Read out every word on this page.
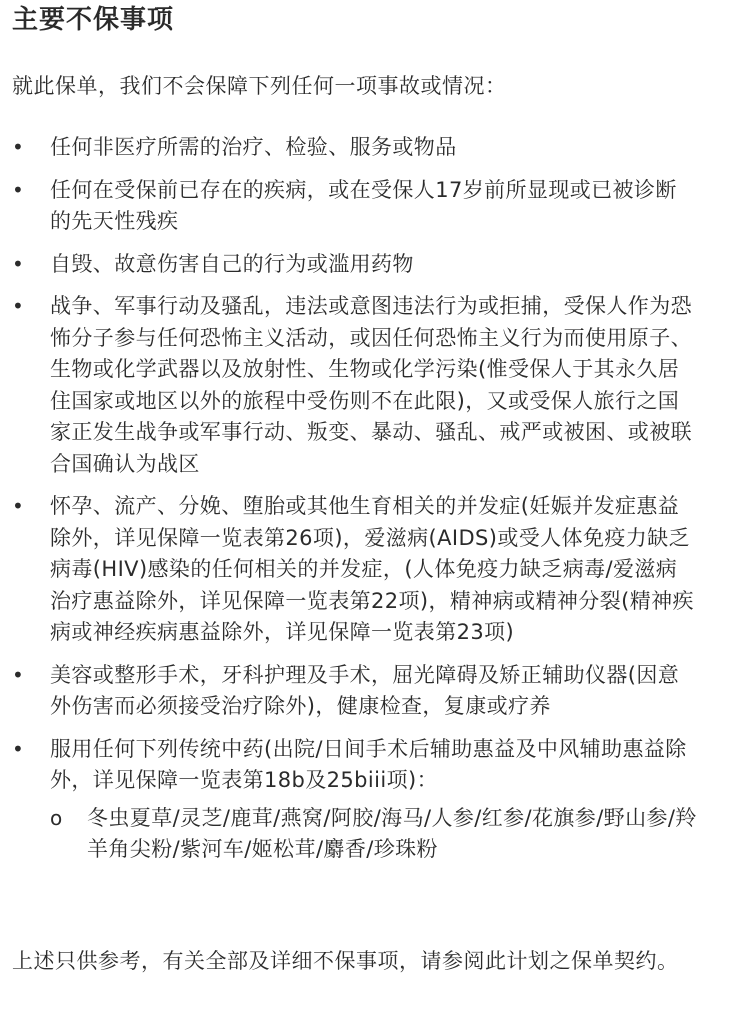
主要不保事项

就此保单，我们不会保障下列任何一项事故或情况：

• 任何非医疗所需的治疗、检验、服务或物品
• 任何在受保前已存在的疾病，或在受保人17岁前所显现或已被诊断的先天性残疾
• 自毁、故意伤害自己的行为或滥用药物
• 战争、军事行动及骚乱，违法或意图违法行为或拒捕，受保人作为恐怖分子参与任何恐怖主义活动，或因任何恐怖主义行为而使用原子、生物或化学武器以及放射性、生物或化学污染(惟受保人于其永久居住国家或地区以外的旅程中受伤则不在此限)，又或受保人旅行之国家正发生战争或军事行动、叛变、暴动、骚乱、戒严或被困、或被联合国确认为战区
• 怀孕、流产、分娩、堕胎或其他生育相关的并发症(妊娠并发症惠益除外，详见保障一览表第26项)，爱滋病(AIDS)或受人体免疫力缺乏病毒(HIV)感染的任何相关的并发症，(人体免疫力缺乏病毒/爱滋病治疗惠益除外，详见保障一览表第22项)，精神病或精神分裂(精神疾病或神经疾病惠益除外，详见保障一览表第23项)
• 美容或整形手术，牙科护理及手术，屈光障碍及矫正辅助仪器(因意外伤害而必须接受治疗除外)，健康检查，复康或疗养
• 服用任何下列传统中药(出院/日间手术后辅助惠益及中风辅助惠益除外，详见保障一览表第18b及25biii项)：
o 冬虫夏草/灵芝/鹿茸/燕窝/阿胶/海马/人参/红参/花旗参/野山参/羚羊角尖粉/紫河车/姬松茸/麝香/珍珠粉

上述只供参考，有关全部及详细不保事项，请参阅此计划之保单契约。
